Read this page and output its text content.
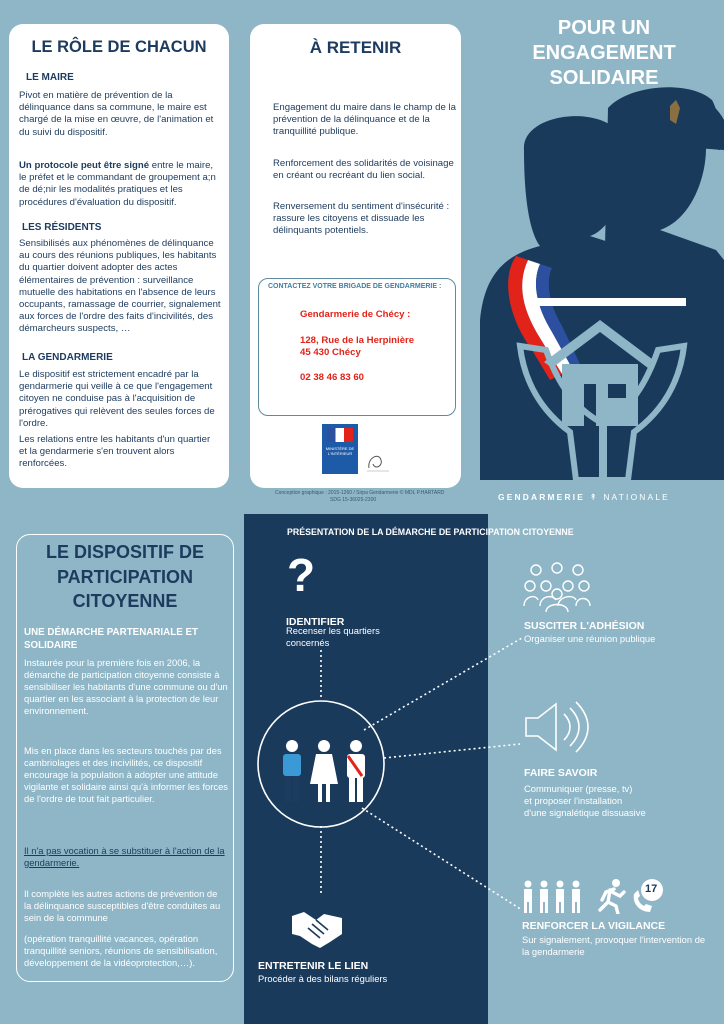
LE RÔLE DE CHACUN
LE MAIRE
Pivot en matière de prévention de la délinquance dans sa commune, le maire est chargé de la mise en œuvre, de l'animation et du suivi du dispositif.
Un protocole peut être signé entre le maire, le préfet et le commandant de groupement a;n de dé;nir les modalités pratiques et les procédures d'évaluation du dispositif.
LES RÉSIDENTS
Sensibilisés aux phénomènes de délinquance au cours des réunions publiques, les habitants du quartier doivent adopter des actes élémentaires de prévention : surveillance mutuelle des habitations en l'absence de leurs occupants, ramassage de courrier, signalement aux forces de l'ordre des faits d'incivilités, des démarcheurs suspects, …
LA GENDARMERIE
Le dispositif est strictement encadré par la gendarmerie qui veille à ce que l'engagement citoyen ne conduise pas à l'acquisition de prérogatives qui relèvent des seules forces de l'ordre.
Les relations entre les habitants d'un quartier et la gendarmerie s'en trouvent alors renforcées.
À RETENIR
Engagement du maire dans le champ de la prévention de la délinquance et de la tranquillité publique.
Renforcement des solidarités de voisinage en créant ou recréant du lien social.
Renversement du sentiment d'insécurité : rassure les citoyens et dissuade les délinquants potentiels.
CONTACTEZ VOTRE BRIGADE DE GENDARMERIE :
Gendarmerie de Chécy :
128, Rue de la Herpinière
45 430 Chécy
02 38 46 83 60
MINISTÈRE DE L'INTÉRIEUR
Conception graphique : 2015-1260 / Sirpa Gendarmerie © MDL P.HARTARD
SDG 15-36025-2300
POUR UN
ENGAGEMENT
SOLIDAIRE
GENDARMERIE ↟ NATIONALE
LE DISPOSITIF DE
PARTICIPATION
CITOYENNE
UNE DÉMARCHE PARTENARIALE ET SOLIDAIRE
Instaurée pour la première fois en 2006, la démarche de participation citoyenne consiste à sensibiliser les habitants d'une commune ou d'un quartier en les associant à la protection de leur environnement.
Mis en place dans les secteurs touchés par des cambriolages et des incivilités, ce dispositif encourage la population à adopter une attitude vigilante et solidaire ainsi qu'à informer les forces de l'ordre de tout fait particulier.
Il n'a pas vocation à se substituer à l'action de la gendarmerie.
Il complète les autres actions de prévention de la délinquance susceptibles d'être conduites au sein de la commune
(opération tranquillité vacances, opération tranquillité seniors, réunions de sensibilisation, développement de la vidéoprotection,…).
PRÉSENTATION DE LA DÉMARCHE DE PARTICIPATION CITOYENNE
?
IDENTIFIER
Recenser les quartiers concernés
ENTRETENIR LE LIEN
Procéder à des bilans réguliers
SUSCITER L'ADHÉSION
Organiser une réunion publique
FAIRE SAVOIR
Communiquer (presse, tv)
et proposer l'installation
d'une signalétique dissuasive
17
RENFORCER LA VIGILANCE
Sur signalement, provoquer l'intervention de la gendarmerie
